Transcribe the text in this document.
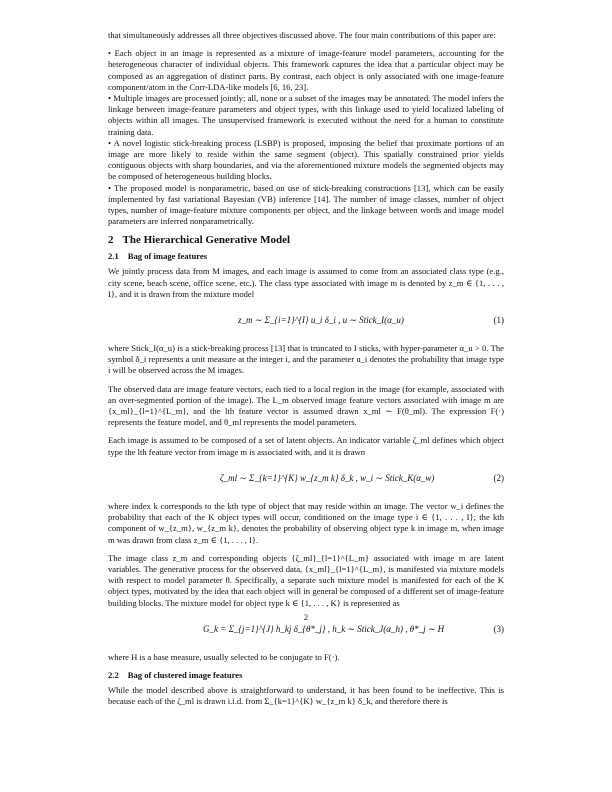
that simultaneously addresses all three objectives discussed above. The four main contributions of this paper are:

• Each object in an image is represented as a mixture of image-feature model parameters, accounting for the heterogeneous character of individual objects. This framework captures the idea that a particular object may be composed as an aggregation of distinct parts. By contrast, each object is only associated with one image-feature component/atom in the Corr-LDA-like models [6, 16, 23].

• Multiple images are processed jointly; all, none or a subset of the images may be annotated. The model infers the linkage between image-feature parameters and object types, with this linkage used to yield localized labeling of objects within all images. The unsupervised framework is executed without the need for a human to constitute training data.

• A novel logistic stick-breaking process (LSBP) is proposed, imposing the belief that proximate portions of an image are more likely to reside within the same segment (object). This spatially constrained prior yields contiguous objects with sharp boundaries, and via the aforementioned mixture models the segmented objects may be composed of heterogeneous building blocks.

• The proposed model is nonparametric, based on use of stick-breaking constructions [13], which can be easily implemented by fast variational Bayesian (VB) inference [14]. The number of image classes, number of object types, number of image-feature mixture components per object, and the linkage between words and image model parameters are inferred nonparametrically.

2 The Hierarchical Generative Model
2.1 Bag of image features

We jointly process data from M images, and each image is assumed to come from an associated class type (e.g., city scene, beach scene, office scene, etc.). The class type associated with image m is denoted by z_m ∈ {1, . . . , I}, and it is drawn from the mixture model

z_m ∼ Σ_{i=1}^{I} u_i δ_i , u ∼ Stick_I(α_u)	(1)

where Stick_I(α_u) is a stick-breaking process [13] that is truncated to I sticks, with hyper-parameter α_u > 0. The symbol δ_i represents a unit measure at the integer i, and the parameter u_i denotes the probability that image type i will be observed across the M images.

The observed data are image feature vectors, each tied to a local region in the image (for example, associated with an over-segmented portion of the image). The L_m observed image feature vectors associated with image m are {x_ml}_{l=1}^{L_m}, and the lth feature vector is assumed drawn x_ml ∼ F(θ_ml). The expression F(·) represents the feature model, and θ_ml represents the model parameters.

Each image is assumed to be composed of a set of latent objects. An indicator variable ζ_ml defines which object type the lth feature vector from image m is associated with, and it is drawn

ζ_ml ∼ Σ_{k=1}^{K} w_{z_m k} δ_k , w_i ∼ Stick_K(α_w)	(2)

where index k corresponds to the kth type of object that may reside within an image. The vector w_i defines the probability that each of the K object types will occur, conditioned on the image type i ∈ {1, . . . , I}; the kth component of w_{z_m}, w_{z_m k}, denotes the probability of observing object type k in image m, when image m was drawn from class z_m ∈ {1, . . . , I}.

The image class z_m and corresponding objects {ζ_ml}_{l=1}^{L_m} associated with image m are latent variables. The generative process for the observed data, {x_ml}_{l=1}^{L_m}, is manifested via mixture models with respect to model parameter θ. Specifically, a separate such mixture model is manifested for each of the K object types, motivated by the idea that each object will in general be composed of a different set of image-feature building blocks. The mixture model for object type k ∈ {1, . . . , K} is represented as

G_k = Σ_{j=1}^{J} h_kj δ_{θ*_j} , h_k ∼ Stick_J(α_h) , θ*_j ∼ H	(3)

where H is a base measure, usually selected to be conjugate to F(·).

2.2 Bag of clustered image features

While the model described above is straightforward to understand, it has been found to be ineffective. This is because each of the ζ_ml is drawn i.i.d. from Σ_{k=1}^{K} w_{z_m k} δ_k, and therefore there is

2
